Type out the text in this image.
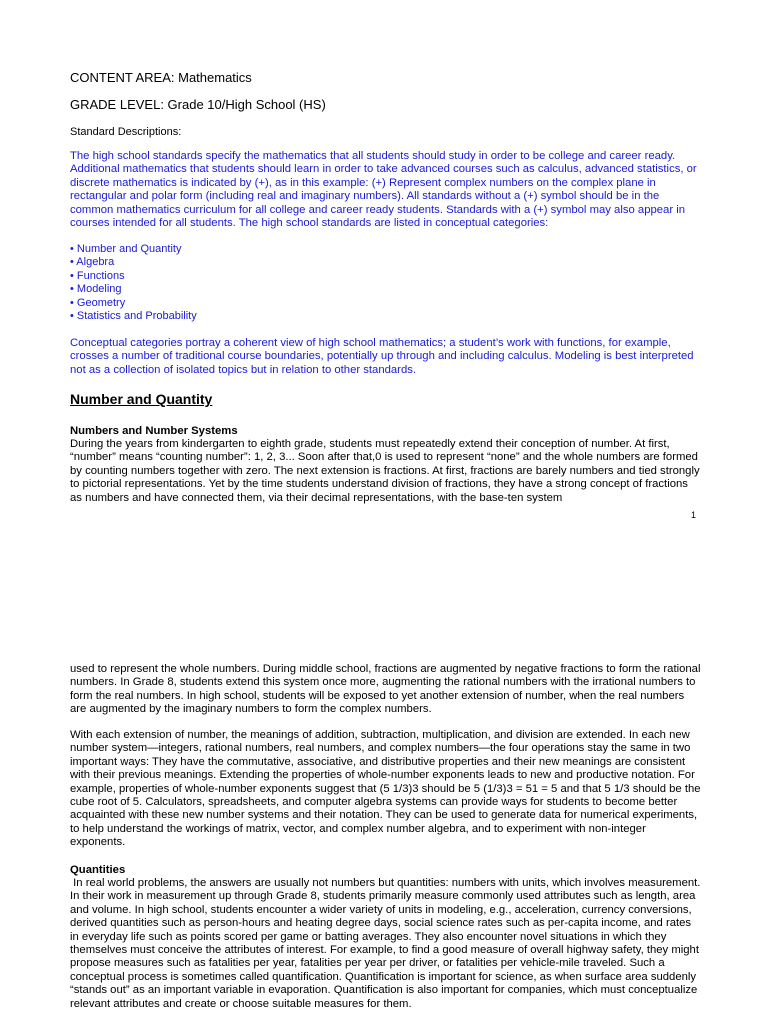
CONTENT AREA: Mathematics
GRADE LEVEL: Grade 10/High School (HS)
Standard Descriptions:

The high school standards specify the mathematics that all students should study in order to be college and career ready. Additional mathematics that students should learn in order to take advanced courses such as calculus, advanced statistics, or discrete mathematics is indicated by (+), as in this example: (+) Represent complex numbers on the complex plane in rectangular and polar form (including real and imaginary numbers). All standards without a (+) symbol should be in the common mathematics curriculum for all college and career ready students. Standards with a (+) symbol may also appear in courses intended for all students. The high school standards are listed in conceptual categories:

• Number and Quantity
• Algebra
• Functions
• Modeling
• Geometry
• Statistics and Probability

Conceptual categories portray a coherent view of high school mathematics; a student’s work with functions, for example, crosses a number of traditional course boundaries, potentially up through and including calculus. Modeling is best interpreted not as a collection of isolated topics but in relation to other standards.

Number and Quantity
Numbers and Number Systems

During the years from kindergarten to eighth grade, students must repeatedly extend their conception of number. At first, “number” means “counting number”: 1, 2, 3... Soon after that,0 is used to represent “none” and the whole numbers are formed by counting numbers together with zero. The next extension is fractions. At first, fractions are barely numbers and tied strongly to pictorial representations. Yet by the time students understand division of fractions, they have a strong concept of fractions as numbers and have connected them, via their decimal representations, with the base-ten system

1

used to represent the whole numbers. During middle school, fractions are augmented by negative fractions to form the rational numbers. In Grade 8, students extend this system once more, augmenting the rational numbers with the irrational numbers to form the real numbers. In high school, students will be exposed to yet another extension of number, when the real numbers are augmented by the imaginary numbers to form the complex numbers.

With each extension of number, the meanings of addition, subtraction, multiplication, and division are extended. In each new number system—integers, rational numbers, real numbers, and complex numbers—the four operations stay the same in two important ways: They have the commutative, associative, and distributive properties and their new meanings are consistent with their previous meanings. Extending the properties of whole-number exponents leads to new and productive notation. For example, properties of whole-number exponents suggest that (5 1/3)3 should be 5 (1/3)3 = 51 = 5 and that 5 1/3 should be the cube root of 5. Calculators, spreadsheets, and computer algebra systems can provide ways for students to become better acquainted with these new number systems and their notation. They can be used to generate data for numerical experiments, to help understand the workings of matrix, vector, and complex number algebra, and to experiment with non-integer exponents.

Quantities

In real world problems, the answers are usually not numbers but quantities: numbers with units, which involves measurement. In their work in measurement up through Grade 8, students primarily measure commonly used attributes such as length, area and volume. In high school, students encounter a wider variety of units in modeling, e.g., acceleration, currency conversions, derived quantities such as person-hours and heating degree days, social science rates such as per-capita income, and rates in everyday life such as points scored per game or batting averages. They also encounter novel situations in which they themselves must conceive the attributes of interest. For example, to find a good measure of overall highway safety, they might propose measures such as fatalities per year, fatalities per year per driver, or fatalities per vehicle-mile traveled. Such a conceptual process is sometimes called quantification. Quantification is important for science, as when surface area suddenly “stands out” as an important variable in evaporation. Quantification is also important for companies, which must conceptualize relevant attributes and create or choose suitable measures for them.
